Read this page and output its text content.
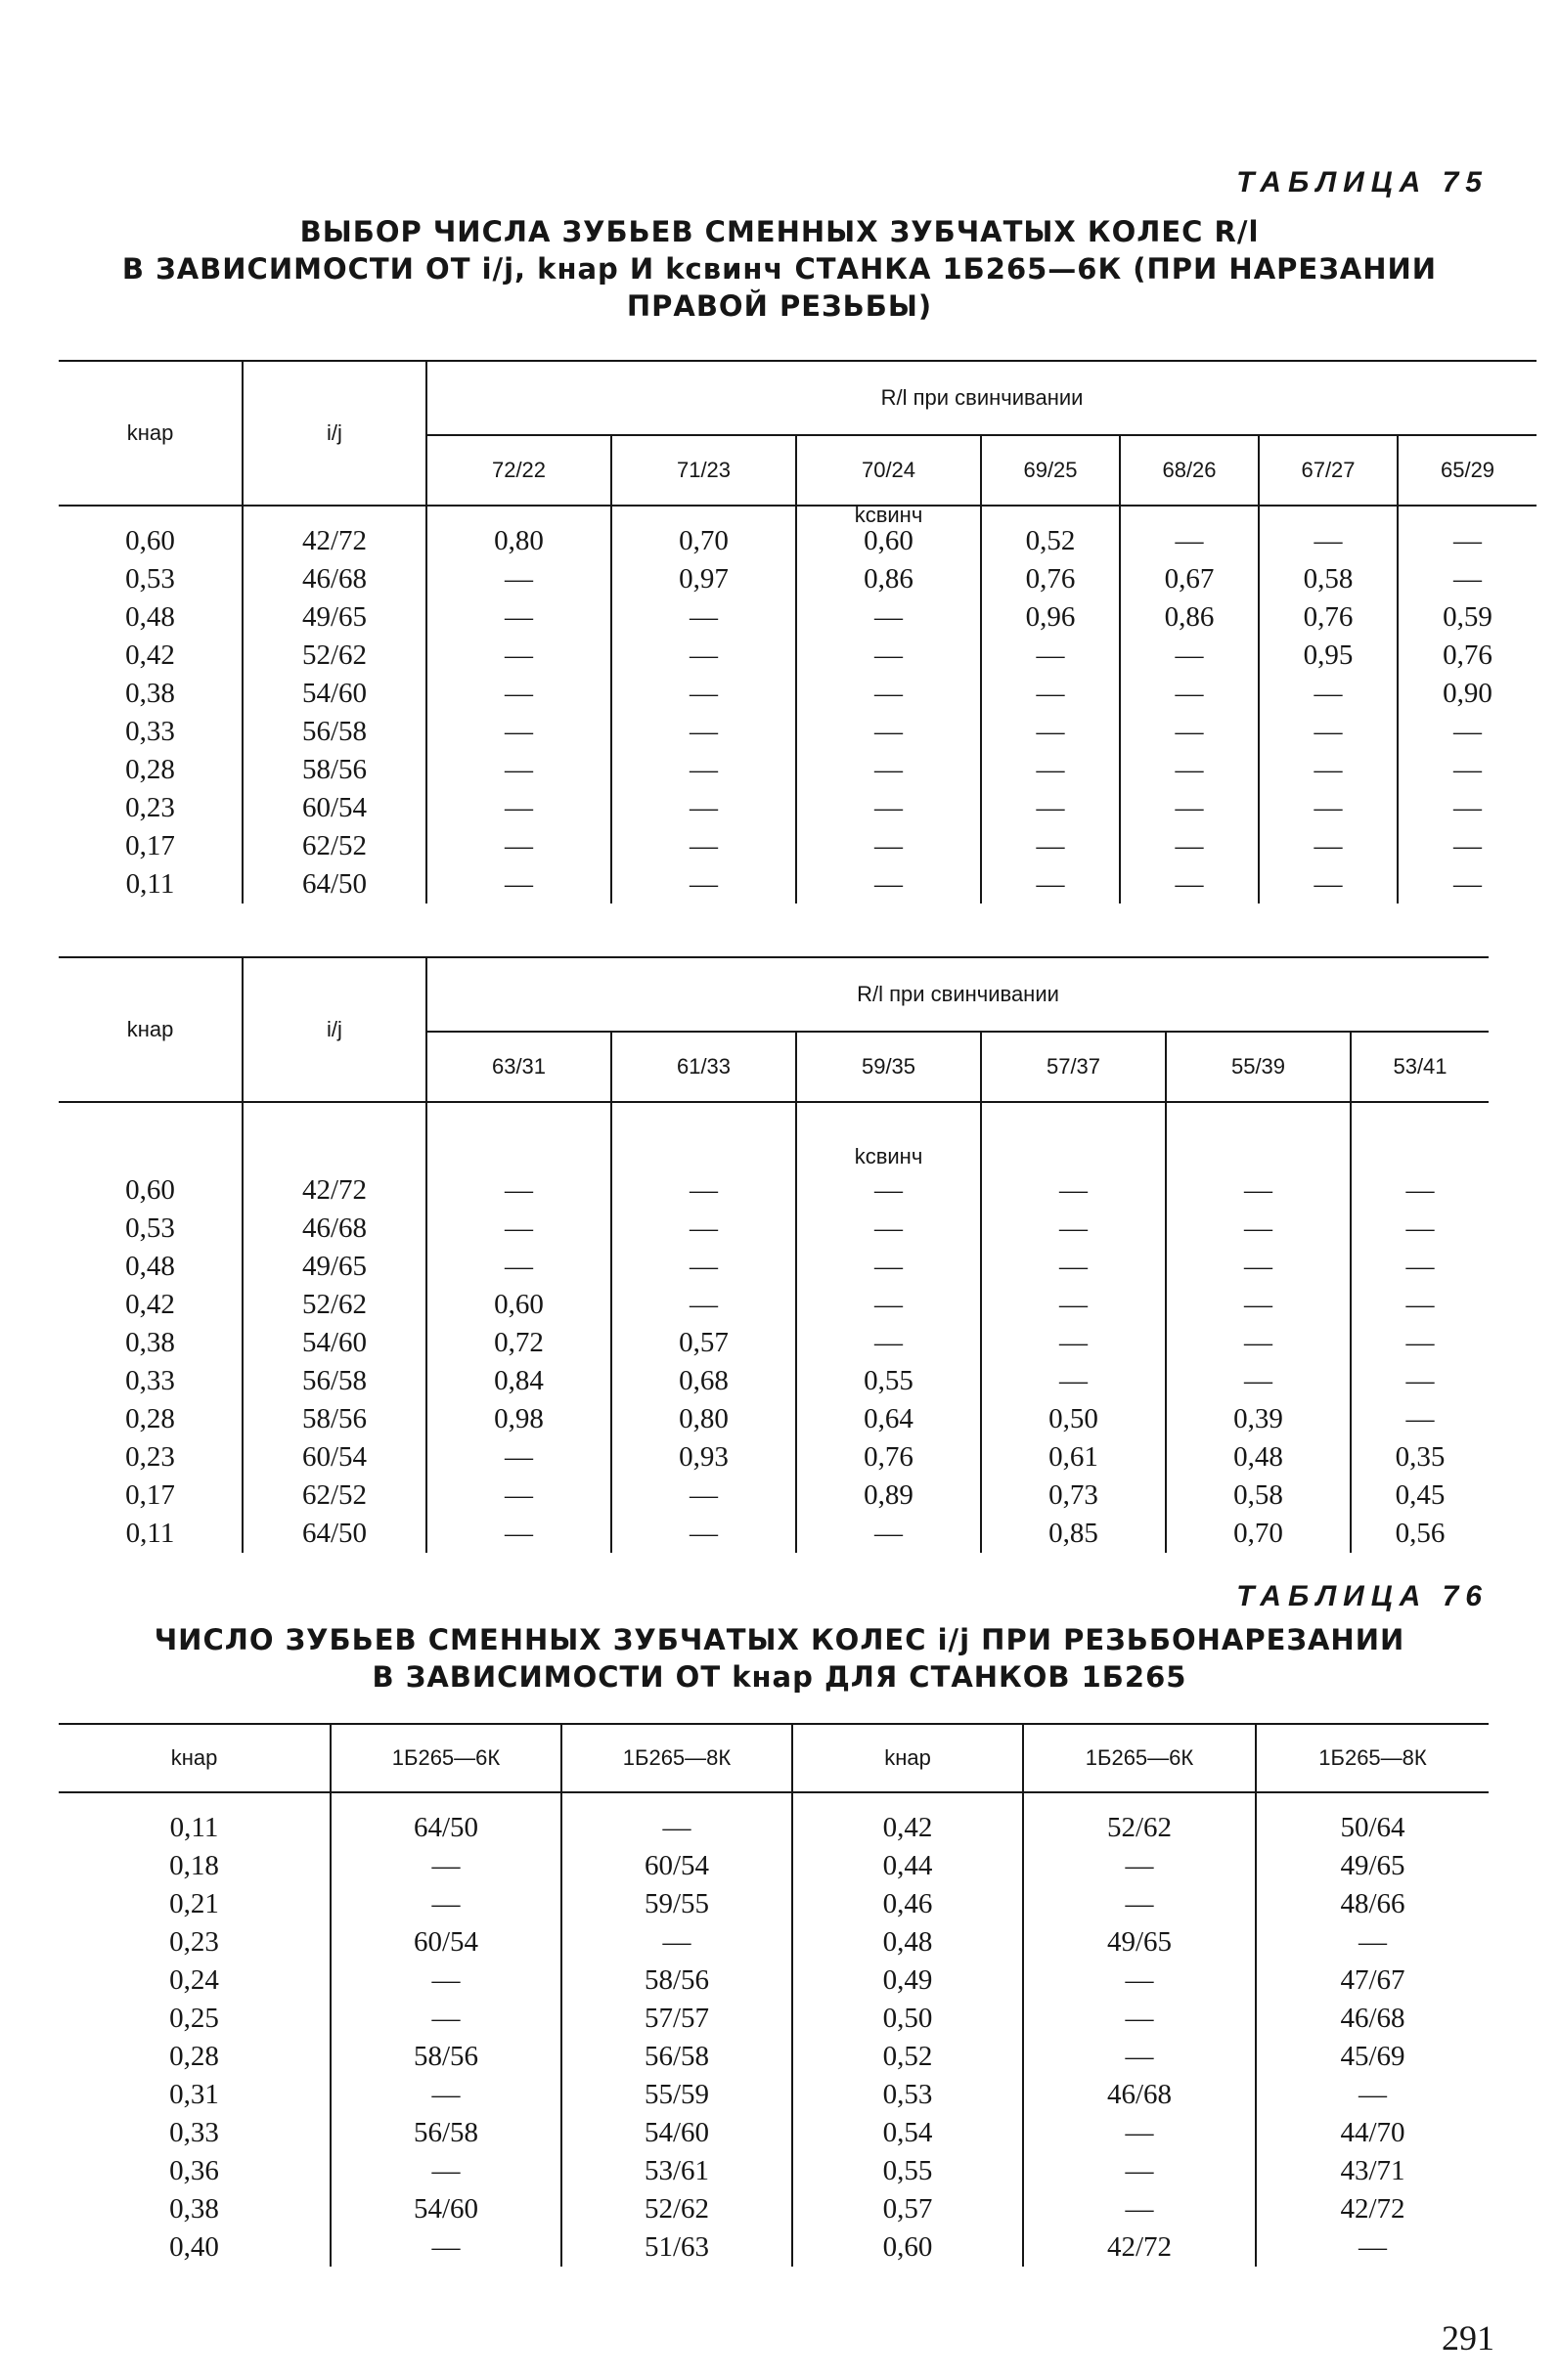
ТАБЛИЦА 75
ВЫБОР ЧИСЛА ЗУБЬЕВ СМЕННЫХ ЗУБЧАТЫХ КОЛЕС R/l
В ЗАВИСИМОСТИ ОТ i/j, kнар И kсвинч СТАНКА 1Б265—6К (ПРИ НАРЕЗАНИИ
ПРАВОЙ РЕЗЬБЫ)
kнар	i/j	R/l при свинчивании						
		72/22	71/23	70/24	69/25	68/26	67/27	65/29
				kсвинч				
0,60	42/72	0,80	0,70	0,60	0,52	—	—	—
0,53	46/68	—	0,97	0,86	0,76	0,67	0,58	—
0,48	49/65	—	—	—	0,96	0,86	0,76	0,59
0,42	52/62	—	—	—	—	—	0,95	0,76
0,38	54/60	—	—	—	—	—	—	0,90
0,33	56/58	—	—	—	—	—	—	—
0,28	58/56	—	—	—	—	—	—	—
0,23	60/54	—	—	—	—	—	—	—
0,17	62/52	—	—	—	—	—	—	—
0,11	64/50	—	—	—	—	—	—	—
kнар	i/j	R/l при свинчивании					
		63/31	61/33	59/35	57/37	55/39	53/41
				kсвинч			
0,60	42/72	—	—	—	—	—	—
0,53	46/68	—	—	—	—	—	—
0,48	49/65	—	—	—	—	—	—
0,42	52/62	0,60	—	—	—	—	—
0,38	54/60	0,72	0,57	—	—	—	—
0,33	56/58	0,84	0,68	0,55	—	—	—
0,28	58/56	0,98	0,80	0,64	0,50	0,39	—
0,23	60/54	—	0,93	0,76	0,61	0,48	0,35
0,17	62/52	—	—	0,89	0,73	0,58	0,45
0,11	64/50	—	—	—	0,85	0,70	0,56
ТАБЛИЦА 76
ЧИСЛО ЗУБЬЕВ СМЕННЫХ ЗУБЧАТЫХ КОЛЕС i/j ПРИ РЕЗЬБОНАРЕЗАНИИ
В ЗАВИСИМОСТИ ОТ kнар ДЛЯ СТАНКОВ 1Б265
kнар	1Б265—6К	1Б265—8К	kнар	1Б265—6К	1Б265—8К

0,11	64/50	—	0,42	52/62	50/64
0,18	—	60/54	0,44	—	49/65
0,21	—	59/55	0,46	—	48/66
0,23	60/54	—	0,48	49/65	—
0,24	—	58/56	0,49	—	47/67
0,25	—	57/57	0,50	—	46/68
0,28	58/56	56/58	0,52	—	45/69
0,31	—	55/59	0,53	46/68	—
0,33	56/58	54/60	0,54	—	44/70
0,36	—	53/61	0,55	—	43/71
0,38	54/60	52/62	0,57	—	42/72
0,40	—	51/63	0,60	42/72	—
291
